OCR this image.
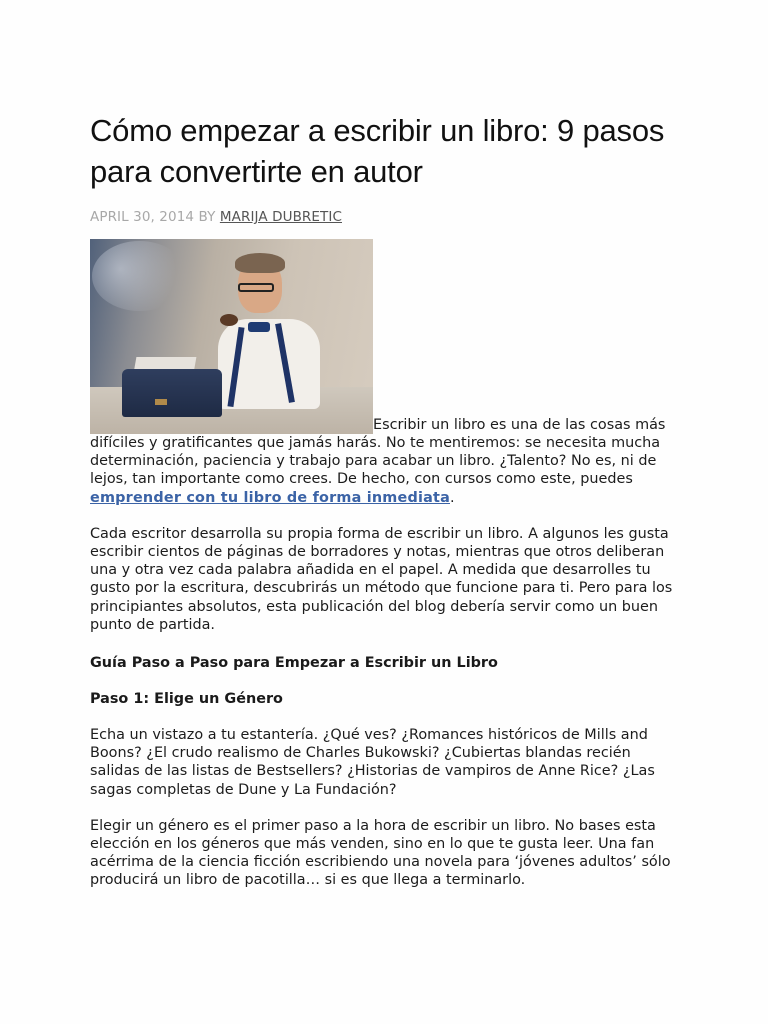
Cómo empezar a escribir un libro: 9 pasos para convertirte en autor
APRIL 30, 2014 BY MARIJA DUBRETIC

Escribir un libro es una de las cosas más difíciles y gratificantes que jamás harás. No te mentiremos: se necesita mucha determinación, paciencia y trabajo para acabar un libro. ¿Talento? No es, ni de lejos, tan importante como crees. De hecho, con cursos como este, puedes emprender con tu libro de forma inmediata.

Cada escritor desarrolla su propia forma de escribir un libro. A algunos les gusta escribir cientos de páginas de borradores y notas, mientras que otros deliberan una y otra vez cada palabra añadida en el papel. A medida que desarrolles tu gusto por la escritura, descubrirás un método que funcione para ti. Pero para los principiantes absolutos, esta publicación del blog debería servir como un buen punto de partida.

Guía Paso a Paso para Empezar a Escribir un Libro
Paso 1: Elige un Género

Echa un vistazo a tu estantería. ¿Qué ves? ¿Romances históricos de Mills and Boons? ¿El crudo realismo de Charles Bukowski? ¿Cubiertas blandas recién salidas de las listas de Bestsellers? ¿Historias de vampiros de Anne Rice? ¿Las sagas completas de Dune y La Fundación?

Elegir un género es el primer paso a la hora de escribir un libro. No bases esta elección en los géneros que más venden, sino en lo que te gusta leer. Una fan acérrima de la ciencia ficción escribiendo una novela para ‘jóvenes adultos’ sólo producirá un libro de pacotilla… si es que llega a terminarlo.
